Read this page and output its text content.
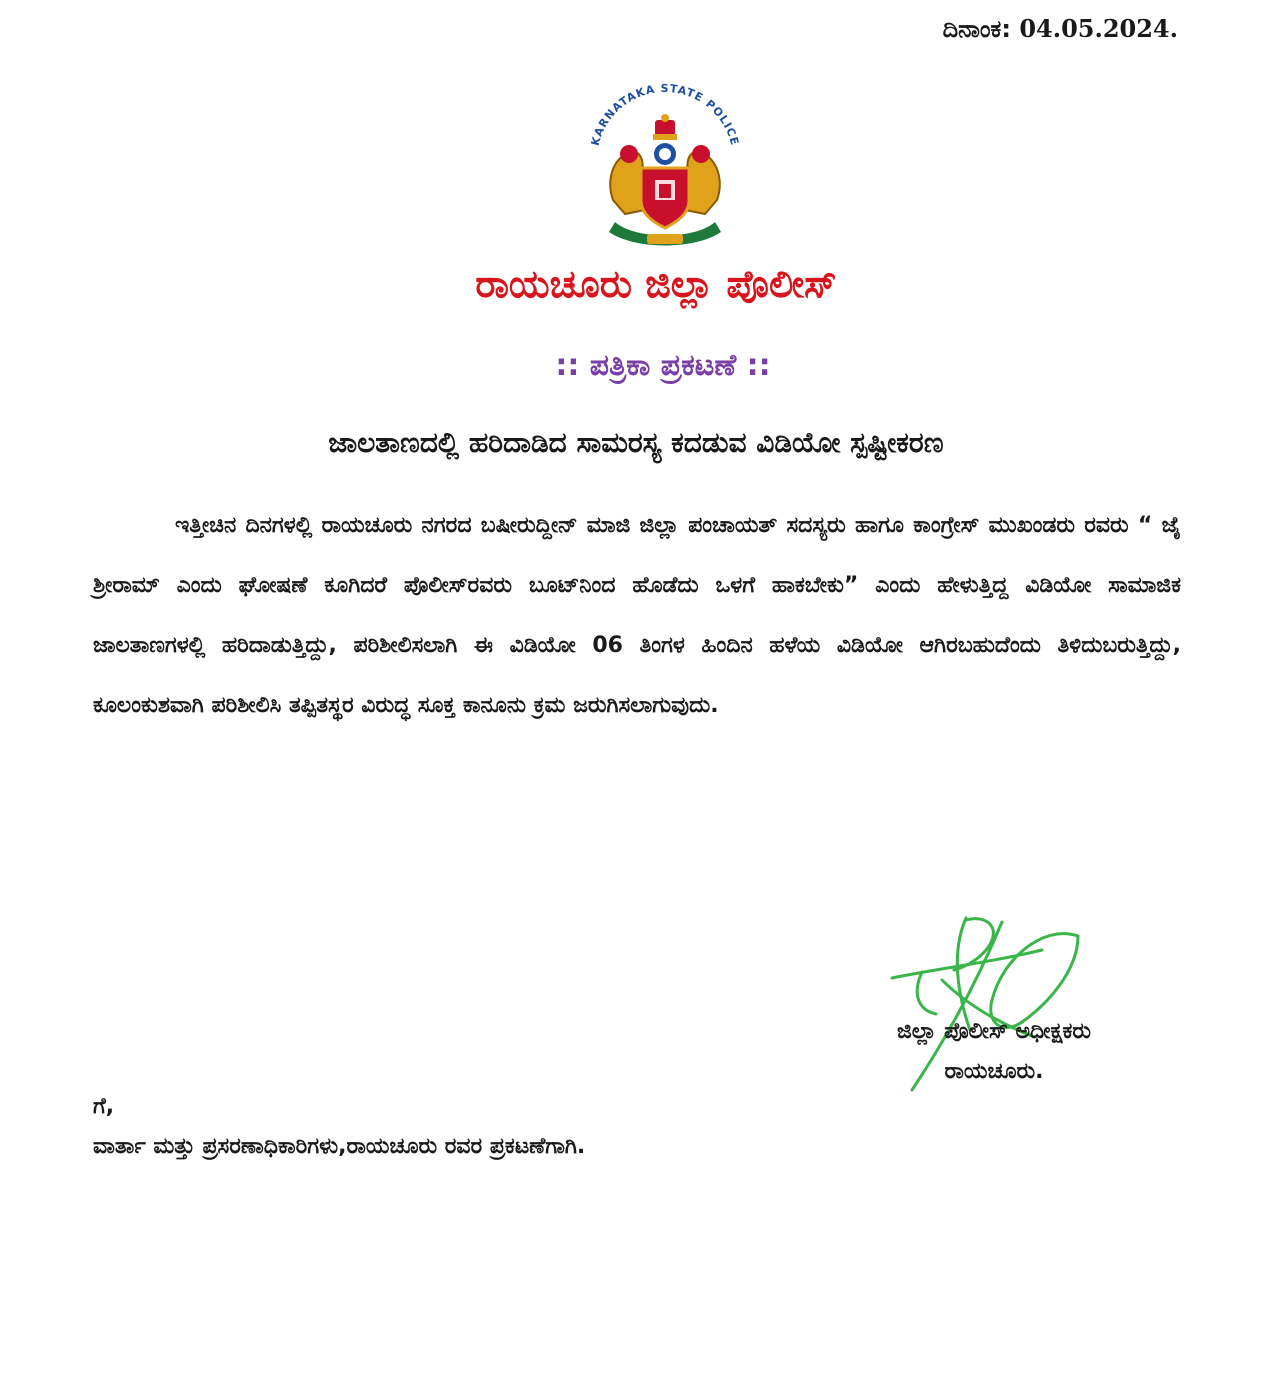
ದಿನಾಂಕ: 04.05.2024.
KARNATAKA STATE POLICE
ರಾಯಚೂರು ಜಿಲ್ಲಾ ಪೊಲೀಸ್
:: ಪತ್ರಿಕಾ ಪ್ರಕಟಣೆ ::
ಜಾಲತಾಣದಲ್ಲಿ ಹರಿದಾಡಿದ ಸಾಮರಸ್ಯ ಕದಡುವ ವಿಡಿಯೋ ಸ್ಪಷ್ಟೀಕರಣ

ಇತ್ತೀಚಿನ ದಿನಗಳಲ್ಲಿ ರಾಯಚೂರು ನಗರದ ಬಷೀರುದ್ದೀನ್ ಮಾಜಿ ಜಿಲ್ಲಾ ಪಂಚಾಯತ್ ಸದಸ್ಯರು ಹಾಗೂ ಕಾಂಗ್ರೇಸ್ ಮುಖಂಡರು ರವರು “ ಜೈ ಶ್ರೀರಾಮ್ ಎಂದು ಘೋಷಣೆ ಕೂಗಿದರೆ ಪೊಲೀಸ್‌ರವರು ಬೂಟ್‌ನಿಂದ ಹೊಡೆದು ಒಳಗೆ ಹಾಕಬೇಕು” ಎಂದು ಹೇಳುತ್ತಿದ್ದ ವಿಡಿಯೋ ಸಾಮಾಜಿಕ ಜಾಲತಾಣಗಳಲ್ಲಿ ಹರಿದಾಡುತ್ತಿದ್ದು, ಪರಿಶೀಲಿಸಲಾಗಿ ಈ ವಿಡಿಯೋ 06 ತಿಂಗಳ ಹಿಂದಿನ ಹಳೆಯ ವಿಡಿಯೋ ಆಗಿರಬಹುದೆಂದು ತಿಳಿದುಬರುತ್ತಿದ್ದು, ಕೂಲಂಕುಶವಾಗಿ ಪರಿಶೀಲಿಸಿ ತಪ್ಪಿತಸ್ಥರ ವಿರುದ್ಧ ಸೂಕ್ತ ಕಾನೂನು ಕ್ರಮ ಜರುಗಿಸಲಾಗುವುದು.

ಜಿಲ್ಲಾ ಪೊಲೀಸ್ ಅಧೀಕ್ಷಕರು
ರಾಯಚೂರು.
ಗೆ,
ವಾರ್ತಾ ಮತ್ತು ಪ್ರಸರಣಾಧಿಕಾರಿಗಳು,ರಾಯಚೂರು ರವರ ಪ್ರಕಟಣೆಗಾಗಿ.
